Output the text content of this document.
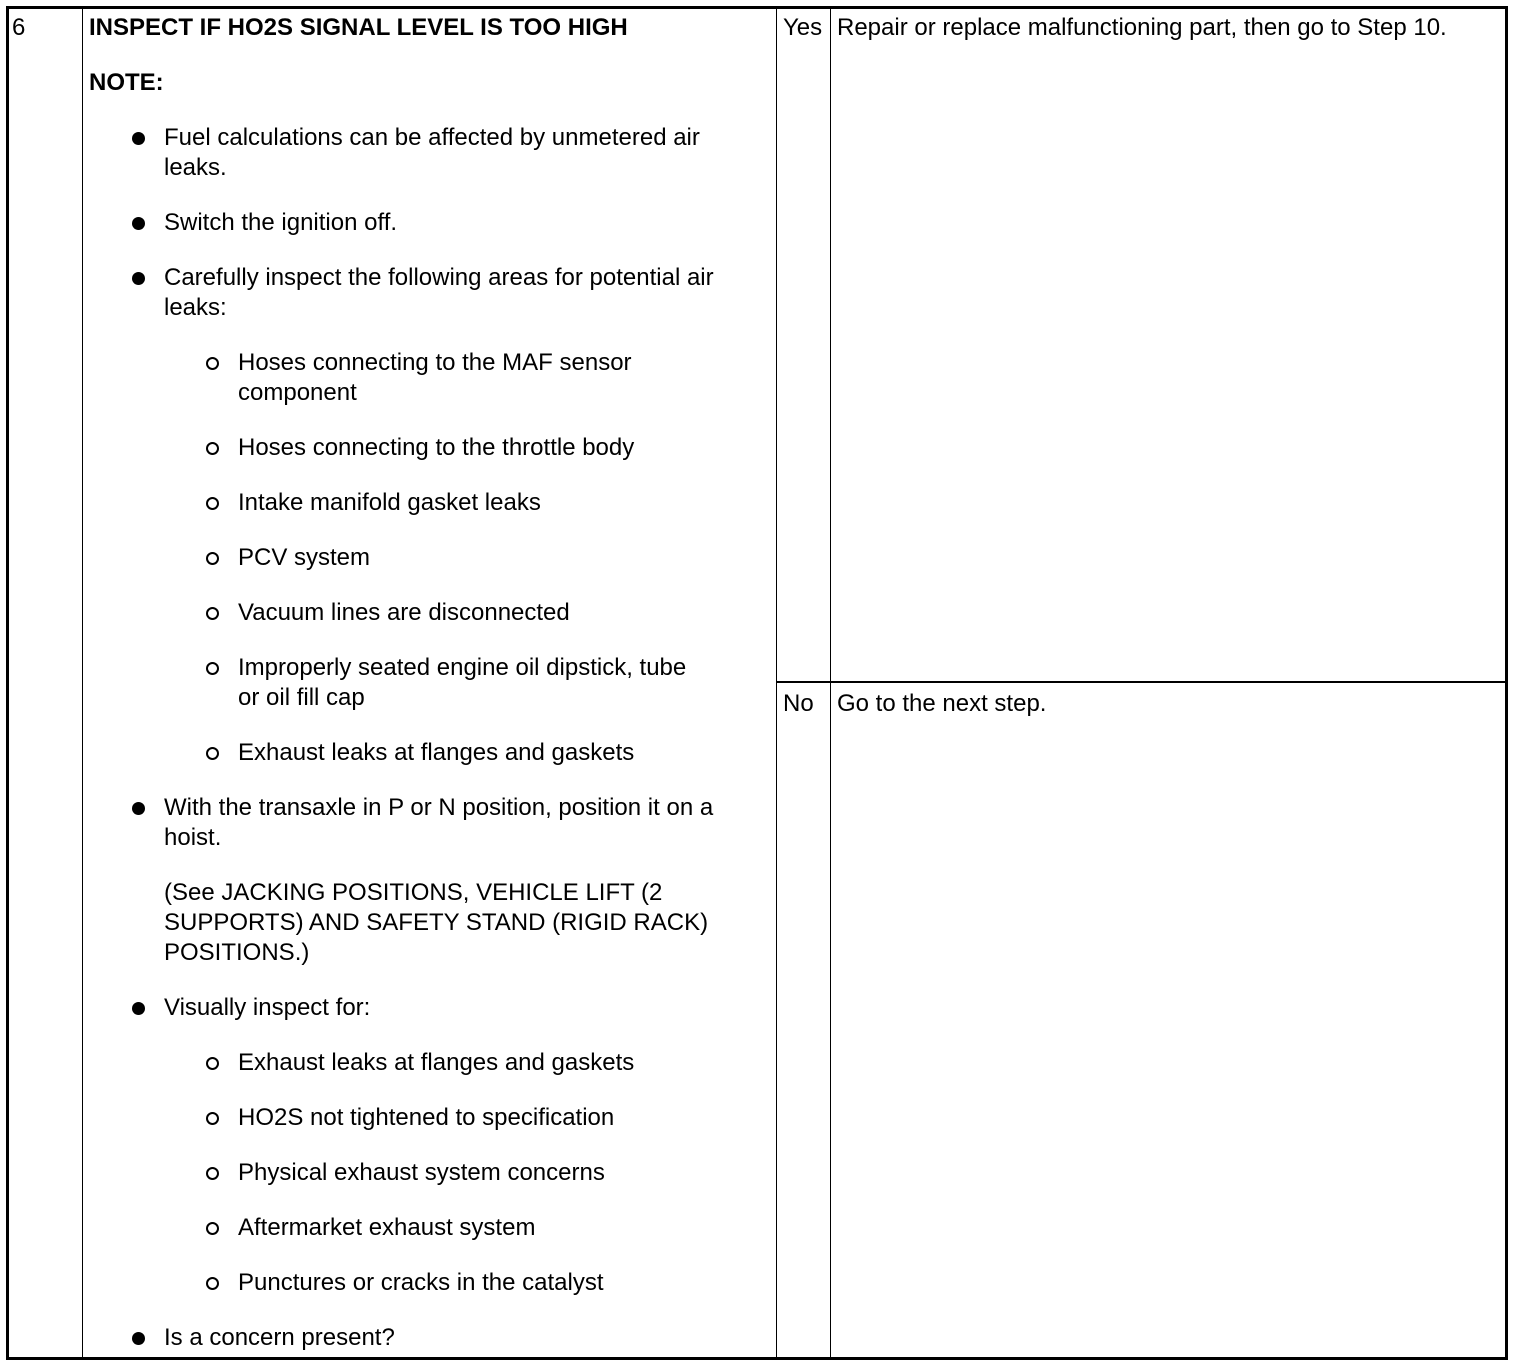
6	INSPECT IF HO2S SIGNAL LEVEL IS TOO HIGH
NOTE:
Fuel calculations can be affected by unmetered air
leaks.
Switch the ignition off.
Carefully inspect the following areas for potential air
leaks:
Hoses connecting to the MAF sensor
component
Hoses connecting to the throttle body
Intake manifold gasket leaks
PCV system
Vacuum lines are disconnected
Improperly seated engine oil dipstick, tube
or oil fill cap
Exhaust leaks at flanges and gaskets
With the transaxle in P or N position, position it on a
hoist.
(See JACKING POSITIONS, VEHICLE LIFT (2
SUPPORTS) AND SAFETY STAND (RIGID RACK)
POSITIONS.)
Visually inspect for:
Exhaust leaks at flanges and gaskets
HO2S not tightened to specification
Physical exhaust system concerns
Aftermarket exhaust system
Punctures or cracks in the catalyst
Is a concern present?
Yes Repair or replace malfunctioning part, then go to Step 10.
No Go to the next step.
